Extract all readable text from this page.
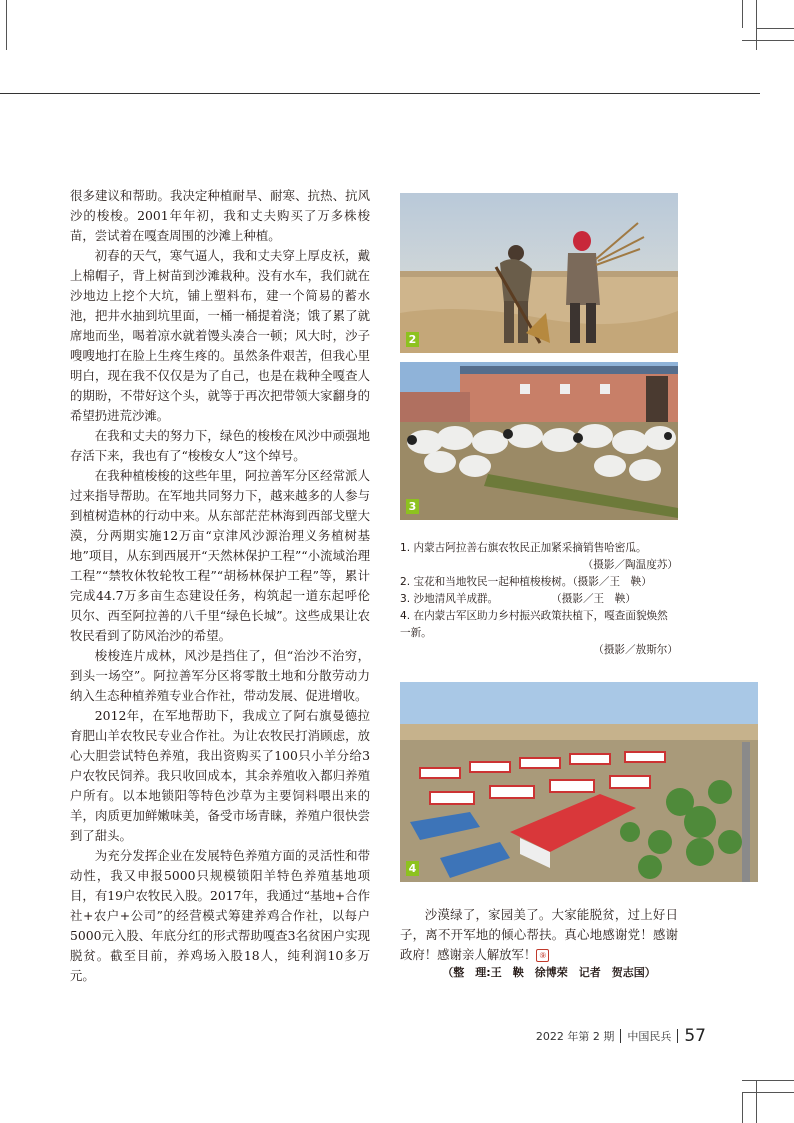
很多建议和帮助。我决定种植耐旱、耐寒、抗热、抗风沙的梭梭。2001年年初，我和丈夫购买了万多株梭苗，尝试着在嘎查周围的沙滩上种植。

初春的天气，寒气逼人，我和丈夫穿上厚皮袄，戴上棉帽子，背上树苗到沙滩栽种。没有水车，我们就在沙地边上挖个大坑，铺上塑料布，建一个简易的蓄水池，把井水抽到坑里面，一桶一桶提着浇；饿了累了就席地而坐，喝着凉水就着馒头凑合一顿；风大时，沙子嗖嗖地打在脸上生疼生疼的。虽然条件艰苦，但我心里明白，现在我不仅仅是为了自己，也是在栽种全嘎查人的期盼，不带好这个头，就等于再次把带领大家翻身的希望扔进荒沙滩。

在我和丈夫的努力下，绿色的梭梭在风沙中顽强地存活下来，我也有了“梭梭女人”这个绰号。

在我种植梭梭的这些年里，阿拉善军分区经常派人过来指导帮助。在军地共同努力下，越来越多的人参与到植树造林的行动中来。从东部茫茫林海到西部戈壁大漠，分两期实施12万亩“京津风沙源治理义务植树基地”项目，从东到西展开“天然林保护工程”“小流域治理工程”“禁牧休牧轮牧工程”“胡杨林保护工程”等，累计完成44.7万多亩生态建设任务，构筑起一道东起呼伦贝尔、西至阿拉善的八千里“绿色长城”。这些成果让农牧民看到了防风治沙的希望。

梭梭连片成林，风沙是挡住了，但“治沙不治穷，到头一场空”。阿拉善军分区将零散土地和分散劳动力纳入生态种植养殖专业合作社，带动发展、促进增收。

2012年，在军地帮助下，我成立了阿右旗曼德拉育肥山羊农牧民专业合作社。为让农牧民打消顾虑，放心大胆尝试特色养殖，我出资购买了100只小羊分给3户农牧民饲养。我只收回成本，其余养殖收入都归养殖户所有。以本地锁阳等特色沙草为主要饲料喂出来的羊，肉质更加鲜嫩味美，备受市场青睐，养殖户很快尝到了甜头。

为充分发挥企业在发展特色养殖方面的灵活性和带动性，我又申报5000只规模锁阳羊特色养殖基地项目，有19户农牧民入股。2017年，我通过“基地+合作社+农户+公司”的经营模式筹建养鸡合作社，以每户5000元入股、年底分红的形式帮助嘎查3名贫困户实现脱贫。截至目前，养鸡场入股18人，纯利润10多万元。

2
3

1. 内蒙古阿拉善右旗农牧民正加紧采摘销售哈密瓜。

（摄影／陶温度苏）

2. 宝花和当地牧民一起种植梭梭树。（摄影／王　鞅）

3. 沙地清风羊成群。　　　　　　（摄影／王　鞅）

4. 在内蒙古军区助力乡村振兴政策扶植下，嘎查面貌焕然一新。

（摄影／敖斯尔）

4

沙漠绿了，家园美了。大家能脱贫，过上好日子，离不开军地的倾心帮扶。真心地感谢党！感谢政府！感谢亲人解放军！ ⑨

（整　理:王　鞅　徐博荣　记者　贺志国）
2022 年第 2 期 中国民兵 57
